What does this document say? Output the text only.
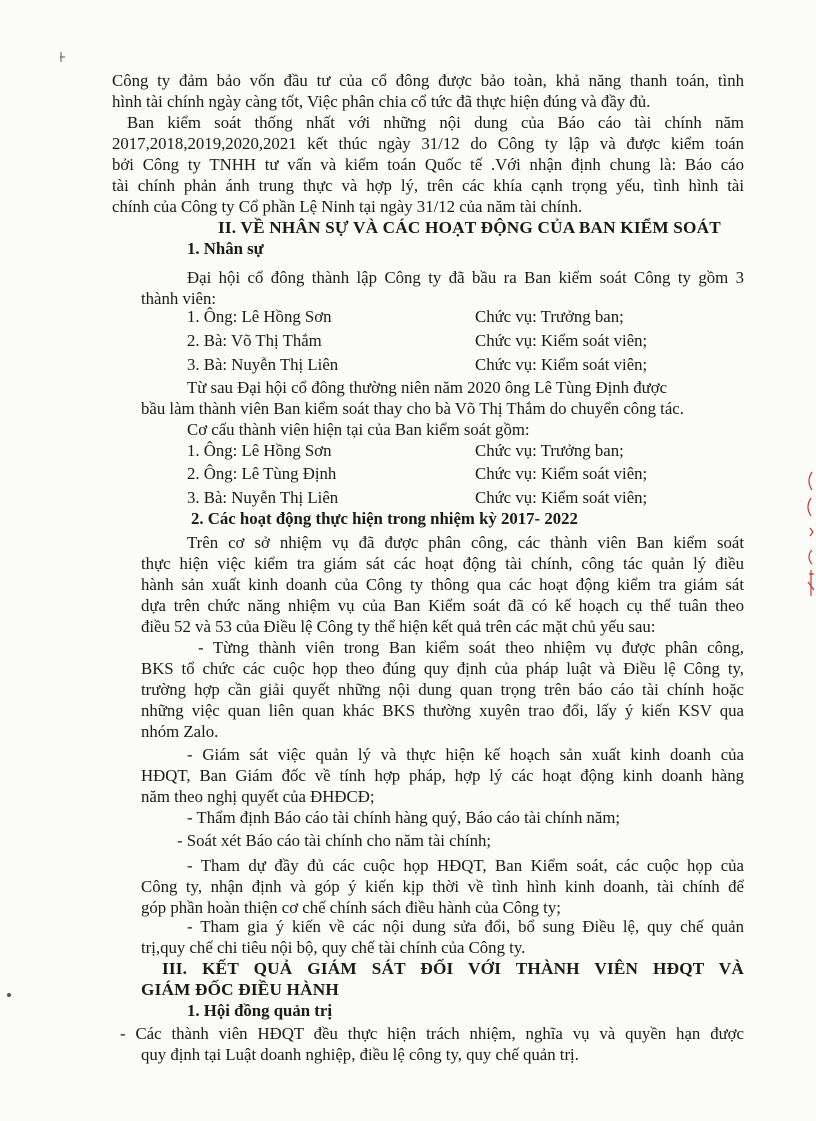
Công ty đảm bảo vốn đầu tư của cổ đông được bảo toàn, khả năng thanh toán, tình
hình tài chính ngày càng tốt, Việc phân chia cổ tức đã thực hiện đúng và đầy đủ.
Ban kiểm soát thống nhất với những nội dung của Báo cáo tài chính năm
2017,2018,2019,2020,2021 kết thúc ngày 31/12 do Công ty lập và được kiểm toán
bởi Công ty TNHH tư vấn và kiểm toán Quốc tế .Với nhận định chung là: Báo cáo
tài chính phản ánh trung thực và hợp lý, trên các khía cạnh trọng yếu, tình hình tài
chính của Công ty Cổ phần Lệ Ninh tại ngày 31/12 của năm tài chính.
II. VỀ NHÂN SỰ VÀ CÁC HOẠT ĐỘNG CỦA BAN KIỂM SOÁT
1. Nhân sự
Đại hội cổ đông thành lập Công ty đã bầu ra Ban kiểm soát Công ty gồm 3
thành viên:
1. Ông: Lê Hồng Sơn	Chức vụ: Trưởng ban;
2. Bà: Võ Thị Thắm	Chức vụ: Kiểm soát viên;
3. Bà: Nuyễn Thị Liên	Chức vụ: Kiểm soát viên;
Từ sau Đại hội cổ đông thường niên năm 2020 ông Lê Tùng Định được
bầu làm thành viên Ban kiểm soát thay cho bà Võ Thị Thắm do chuyển công tác.
Cơ cấu thành viên hiện tại của Ban kiểm soát gồm:
1. Ông: Lê Hồng Sơn	Chức vụ: Trưởng ban;
2. Ông: Lê Tùng Định	Chức vụ: Kiểm soát viên;
3. Bà: Nuyễn Thị Liên	Chức vụ: Kiểm soát viên;
2. Các hoạt động thực hiện trong nhiệm kỳ 2017- 2022
Trên cơ sở nhiệm vụ đã được phân công, các thành viên Ban kiểm soát
thực hiện việc kiểm tra giám sát các hoạt động tài chính, công tác quản lý điều
hành sản xuất kinh doanh của Công ty thông qua các hoạt động kiểm tra giám sát
dựa trên chức năng nhiệm vụ của Ban Kiểm soát đã có kế hoạch cụ thể tuân theo
điều 52 và 53 của Điều lệ Công ty thể hiện kết quả trên các mặt chủ yếu sau:
- Từng thành viên trong Ban kiểm soát theo nhiệm vụ được phân công,
BKS tổ chức các cuộc họp theo đúng quy định của pháp luật và Điều lệ Công ty,
trường hợp cần giải quyết những nội dung quan trọng trên báo cáo tài chính hoặc
những việc quan liên quan khác BKS thường xuyên trao đổi, lấy ý kiến KSV qua
nhóm Zalo.
- Giám sát việc quản lý và thực hiện kế hoạch sản xuất kinh doanh của
HĐQT, Ban Giám đốc về tính hợp pháp, hợp lý các hoạt động kinh doanh hàng
năm theo nghị quyết của ĐHĐCĐ;
- Thẩm định Báo cáo tài chính hàng quý, Báo cáo tài chính năm;
- Soát xét Báo cáo tài chính cho năm tài chính;
- Tham dự đầy đủ các cuộc họp HĐQT, Ban Kiểm soát, các cuộc họp của
Công ty, nhận định và góp ý kiến kịp thời về tình hình kinh doanh, tài chính để
góp phần hoàn thiện cơ chế chính sách điều hành của Công ty;
- Tham gia ý kiến về các nội dung sửa đổi, bổ sung Điều lệ, quy chế quản
trị,quy chế chi tiêu nội bộ, quy chế tài chính của Công ty.
III. KẾT QUẢ GIÁM SÁT ĐỐI VỚI THÀNH VIÊN HĐQT VÀ
GIÁM ĐỐC ĐIỀU HÀNH
1. Hội đồng quản trị
- Các thành viên HĐQT đều thực hiện trách nhiệm, nghĩa vụ và quyền hạn được
quy định tại Luật doanh nghiệp, điều lệ công ty, quy chế quản trị.
